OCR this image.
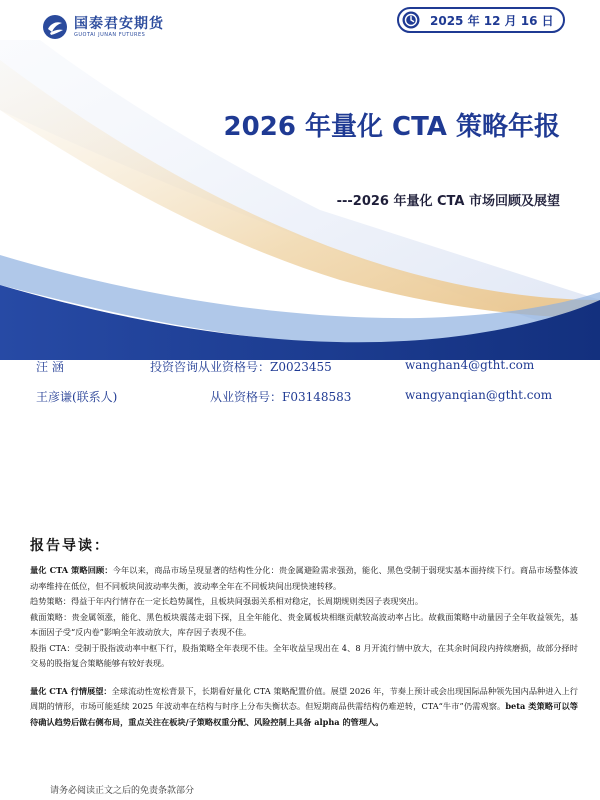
国泰君安期货
GUOTAI JUNAN FUTURES
2025 年 12 月 16 日
2026 年量化 CTA 策略年报
---2026 年量化 CTA 市场回顾及展望
汪 涵	投资咨询从业资格号：Z0023455	wanghan4@gtht.com
王彦谦(联系人)	从业资格号：F03148583	wangyanqian@gtht.com
报告导读：
量化 CTA 策略回顾：今年以来，商品市场呈现显著的结构性分化：贵金属避险需求强劲，能化、黑色受制于弱现实基本面持续下行。商品市场整体波动率维持在低位，但不同板块间波动率失衡，波动率全年在不同板块间出现快速转移。
趋势策略：得益于年内行情存在一定长趋势属性，且板块间强弱关系相对稳定，长周期规则类因子表现突出。
截面策略：贵金属领涨，能化、黑色板块震荡走弱下探，且全年能化、贵金属板块相继贡献较高波动率占比。故截面策略中动量因子全年收益领先，基本面因子受“反内卷”影响全年波动放大，库存因子表现不佳。
股指 CTA：受制于股指波动率中枢下行，股指策略全年表现不佳。全年收益呈现出在 4、8 月开流行情中放大，在其余时间段内持续磨损，故部分择时交易的股指复合策略能够有较好表现。
量化 CTA 行情展望：全球流动性宽松背景下，长期看好量化 CTA 策略配置价值。展望 2026 年，节奏上预计或会出现国际品种领先国内品种进入上行周期的情形，市场可能延续 2025 年波动率在结构与时序上分布失衡状态。但短期商品供需结构仍难逆转，CTA“牛市”仍需观察。beta 类策略可以等待确认趋势后做右侧布局，重点关注在板块/子策略权重分配、风险控制上具备 alpha 的管理人。
请务必阅读正文之后的免责条款部分
